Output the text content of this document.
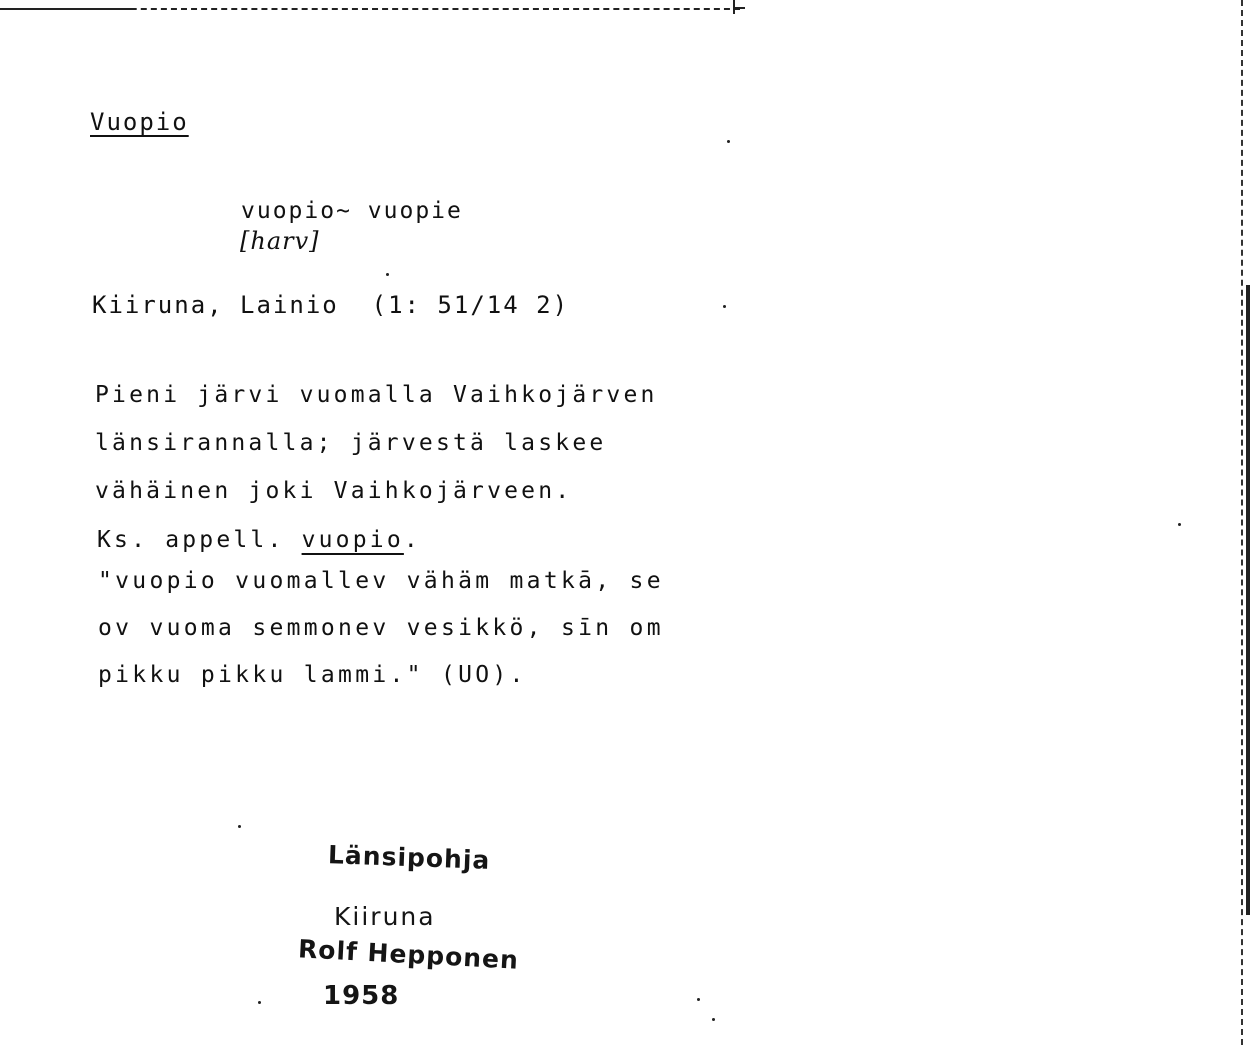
Vuopio
vuopio~ vuopie
[harv]
Kiiruna, Lainio  (1: 51/14 2)
Pieni järvi vuomalla Vaihkojärven
länsirannalla; järvestä laskee
vähäinen joki Vaihkojärveen.
Ks. appell. vuopio.
"vuopio vuomallev vähäm matkā, se
ov vuoma semmonev vesikkö, sīn om
pikku pikku lammi." (UO).
Länsipohja
Kiiruna
Rolf Hepponen
1958
